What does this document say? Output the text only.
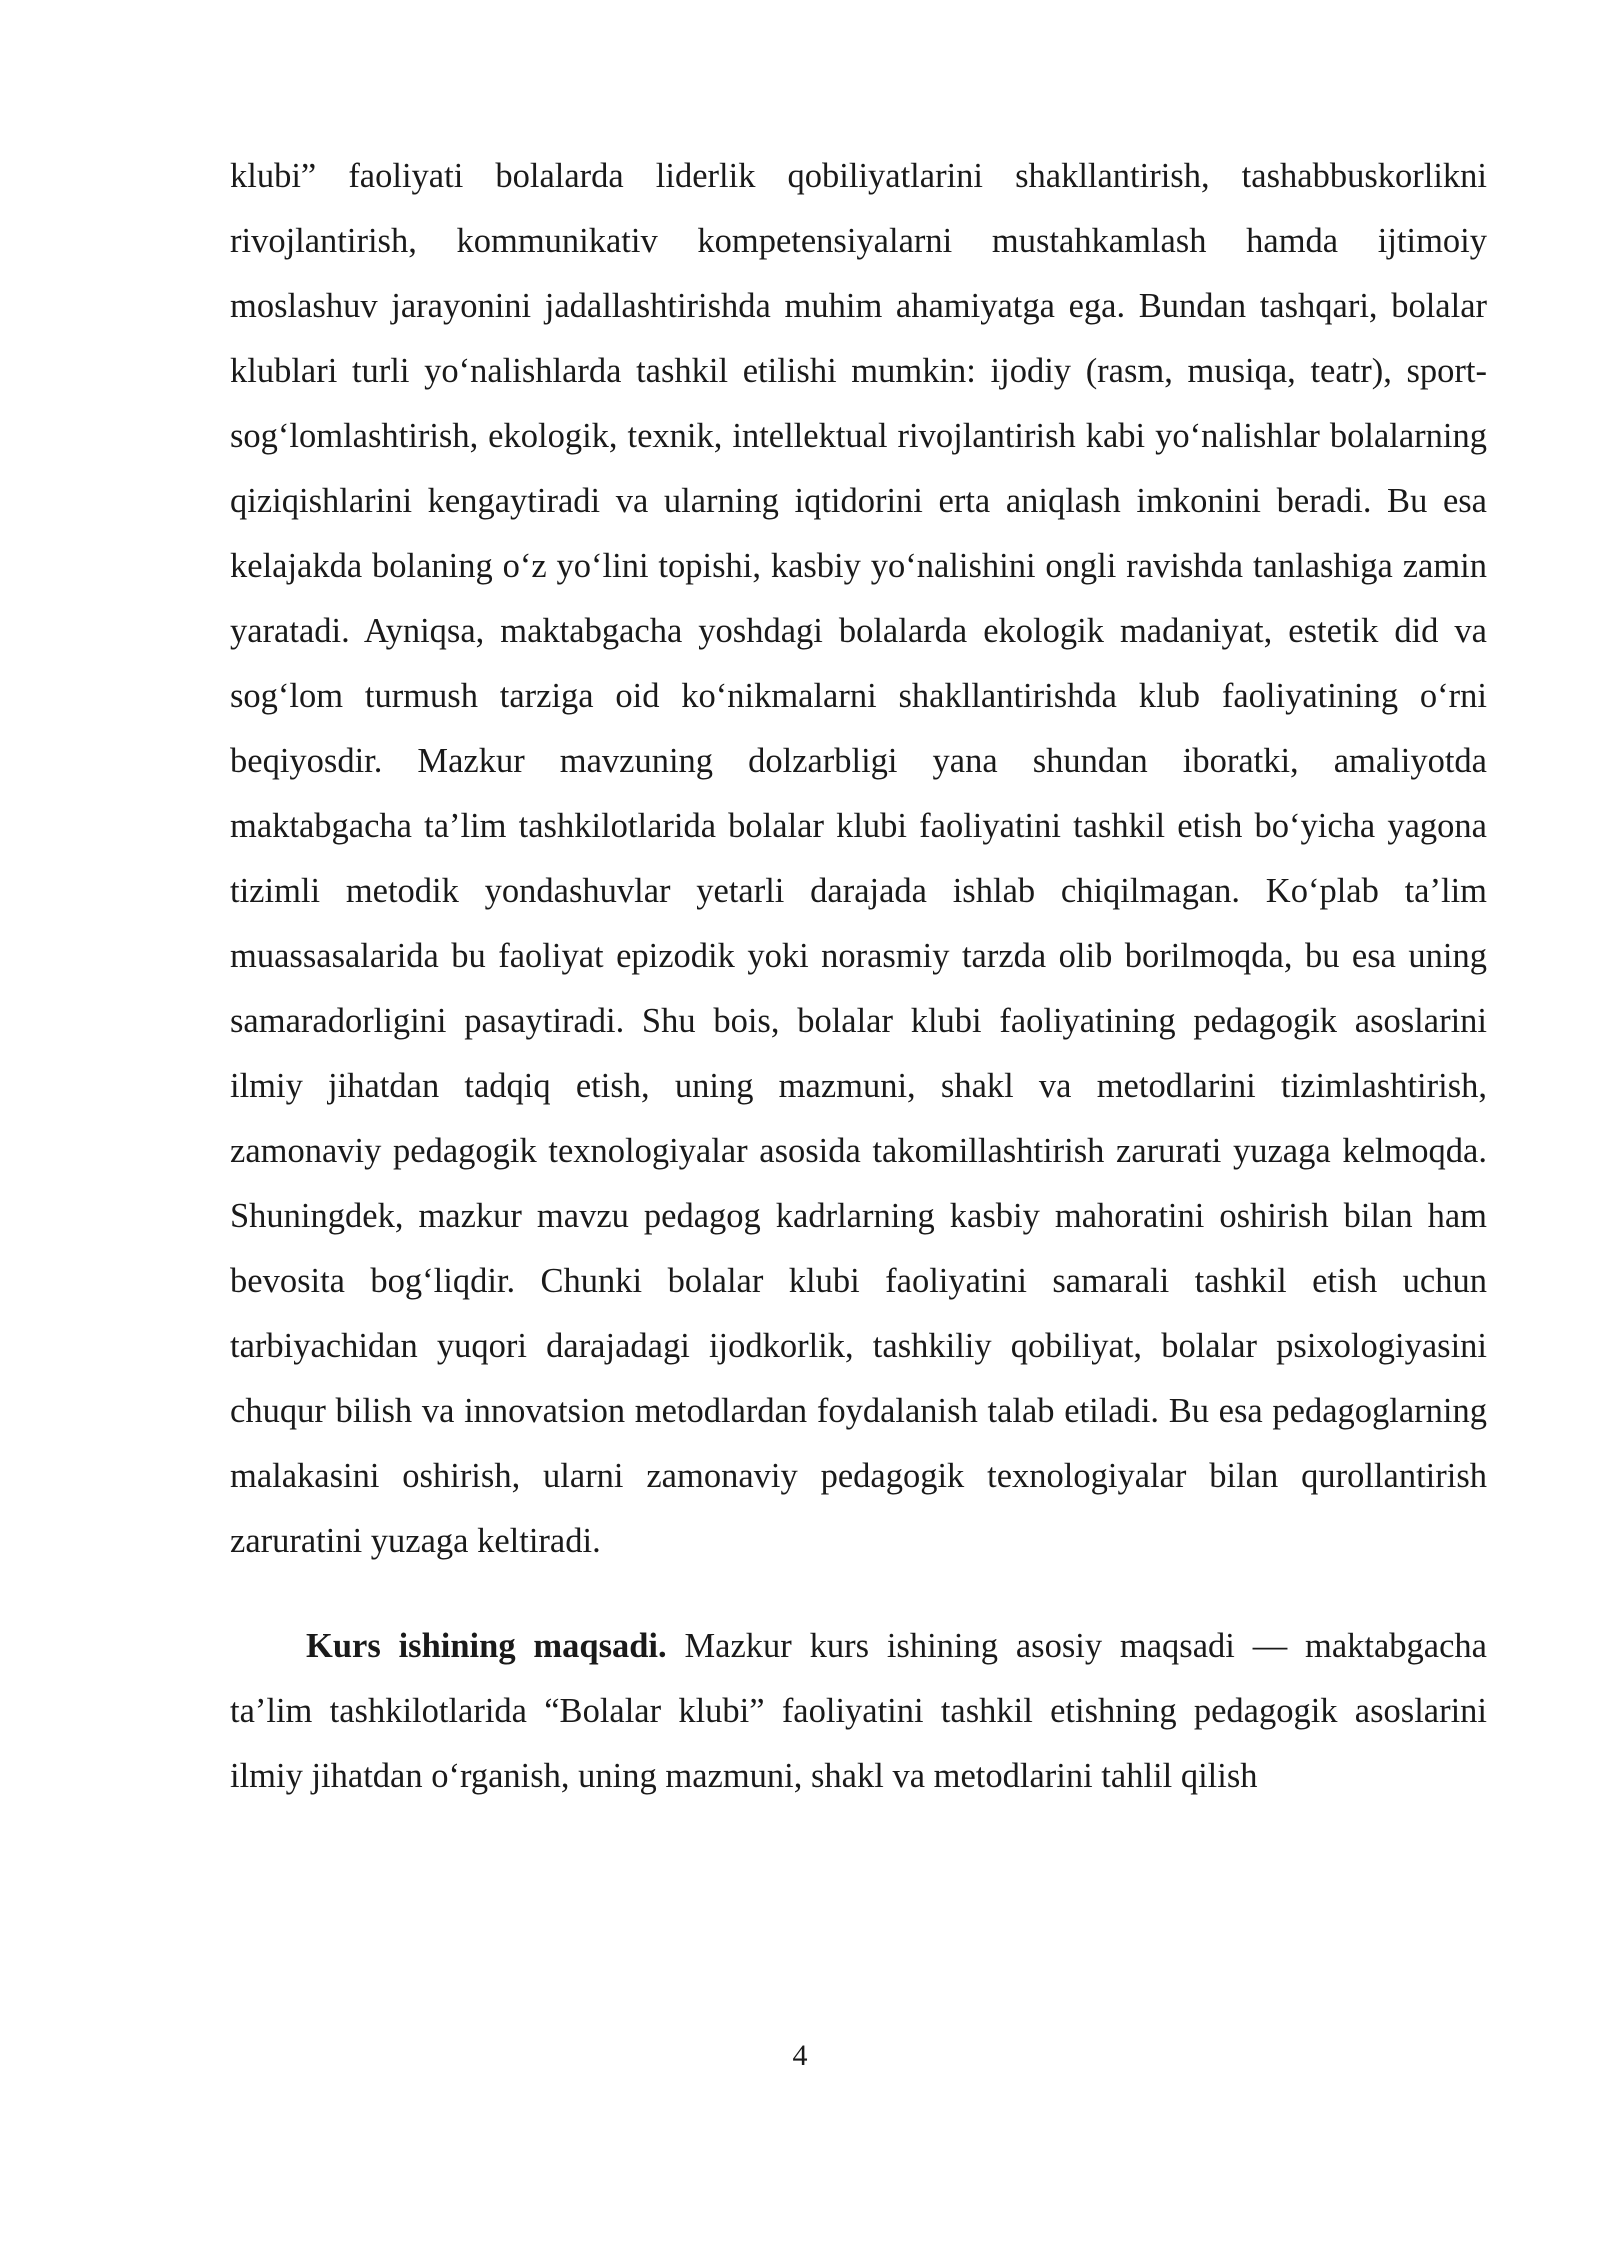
klubi” faoliyati bolalarda liderlik qobiliyatlarini shakllantirish, tashabbuskorlikni rivojlantirish, kommunikativ kompetensiyalarni mustahkamlash hamda ijtimoiy moslashuv jarayonini jadallashtirishda muhim ahamiyatga ega. Bundan tashqari, bolalar klublari turli yo‘nalishlarda tashkil etilishi mumkin: ijodiy (rasm, musiqa, teatr), sport-sog‘lomlashtirish, ekologik, texnik, intellektual rivojlantirish kabi yo‘nalishlar bolalarning qiziqishlarini kengaytiradi va ularning iqtidorini erta aniqlash imkonini beradi. Bu esa kelajakda bolaning o‘z yo‘lini topishi, kasbiy yo‘nalishini ongli ravishda tanlashiga zamin yaratadi. Ayniqsa, maktabgacha yoshdagi bolalarda ekologik madaniyat, estetik did va sog‘lom turmush tarziga oid ko‘nikmalarni shakllantirishda klub faoliyatining o‘rni beqiyosdir. Mazkur mavzuning dolzarbligi yana shundan iboratki, amaliyotda maktabgacha ta’lim tashkilotlarida bolalar klubi faoliyatini tashkil etish bo‘yicha yagona tizimli metodik yondashuvlar yetarli darajada ishlab chiqilmagan. Ko‘plab ta’lim muassasalarida bu faoliyat epizodik yoki norasmiy tarzda olib borilmoqda, bu esa uning samaradorligini pasaytiradi. Shu bois, bolalar klubi faoliyatining pedagogik asoslarini ilmiy jihatdan tadqiq etish, uning mazmuni, shakl va metodlarini tizimlashtirish, zamonaviy pedagogik texnologiyalar asosida takomillashtirish zarurati yuzaga kelmoqda. Shuningdek, mazkur mavzu pedagog kadrlarning kasbiy mahoratini oshirish bilan ham bevosita bog‘liqdir. Chunki bolalar klubi faoliyatini samarali tashkil etish uchun tarbiyachidan yuqori darajadagi ijodkorlik, tashkiliy qobiliyat, bolalar psixologiyasini chuqur bilish va innovatsion metodlardan foydalanish talab etiladi. Bu esa pedagoglarning malakasini oshirish, ularni zamonaviy pedagogik texnologiyalar bilan qurollantirish zaruratini yuzaga keltiradi.

Kurs ishining maqsadi. Mazkur kurs ishining asosiy maqsadi — maktabgacha ta’lim tashkilotlarida “Bolalar klubi” faoliyatini tashkil etishning pedagogik asoslarini ilmiy jihatdan o‘rganish, uning mazmuni, shakl va metodlarini tahlil qilish

4
